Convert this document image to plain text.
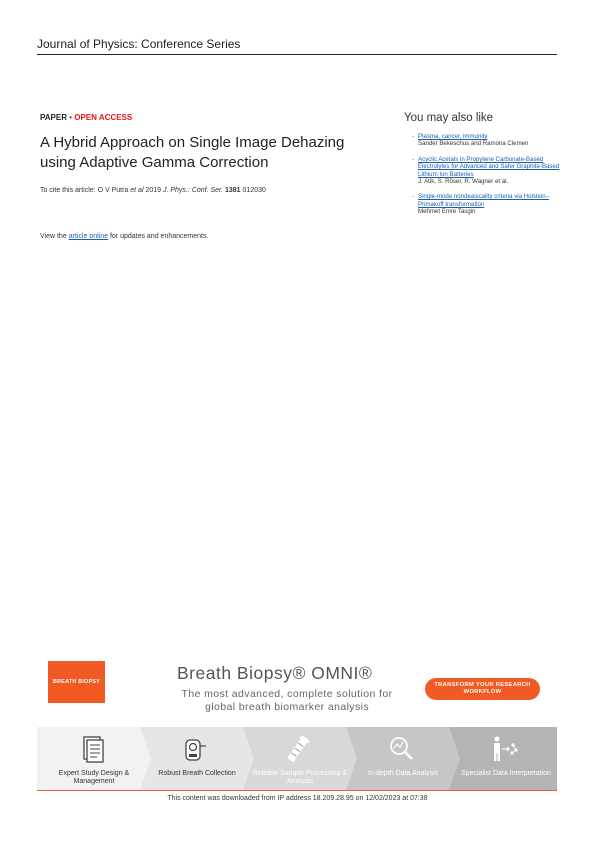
Journal of Physics: Conference Series
PAPER • OPEN ACCESS
A Hybrid Approach on Single Image Dehazing using Adaptive Gamma Correction
To cite this article: O V Putra et al 2019 J. Phys.: Conf. Ser. 1381 012030
View the article online for updates and enhancements.
You may also like
- Plasma, cancer, immunity
Sander Bekeschus and Ramona Clemen
- Acyclic Acetals in Propylene Carbonate-Based Electrolytes for Advanced and Safer Graphite-Based Lithium Ion Batteries
J. Atik, S. Röser, R. Wagner et al.
- Single-mode nondeasicality criteria via Holstein–Primakoff transformation
Mehmet Emre Tasgin
BREATH BIOPSY	Breath Biopsy® OMNI®
The most advanced, complete solution for global breath biomarker analysis
TRANSFORM YOUR RESEARCH WORKFLOW
Expert Study Design & Management
Robust Breath Collection	Reliable Sample Processing & Analysis
In-depth Data Analysis	Specialist Data Interpretation
This content was downloaded from IP address 18.209.28.95 on 12/02/2023 at 07:38
